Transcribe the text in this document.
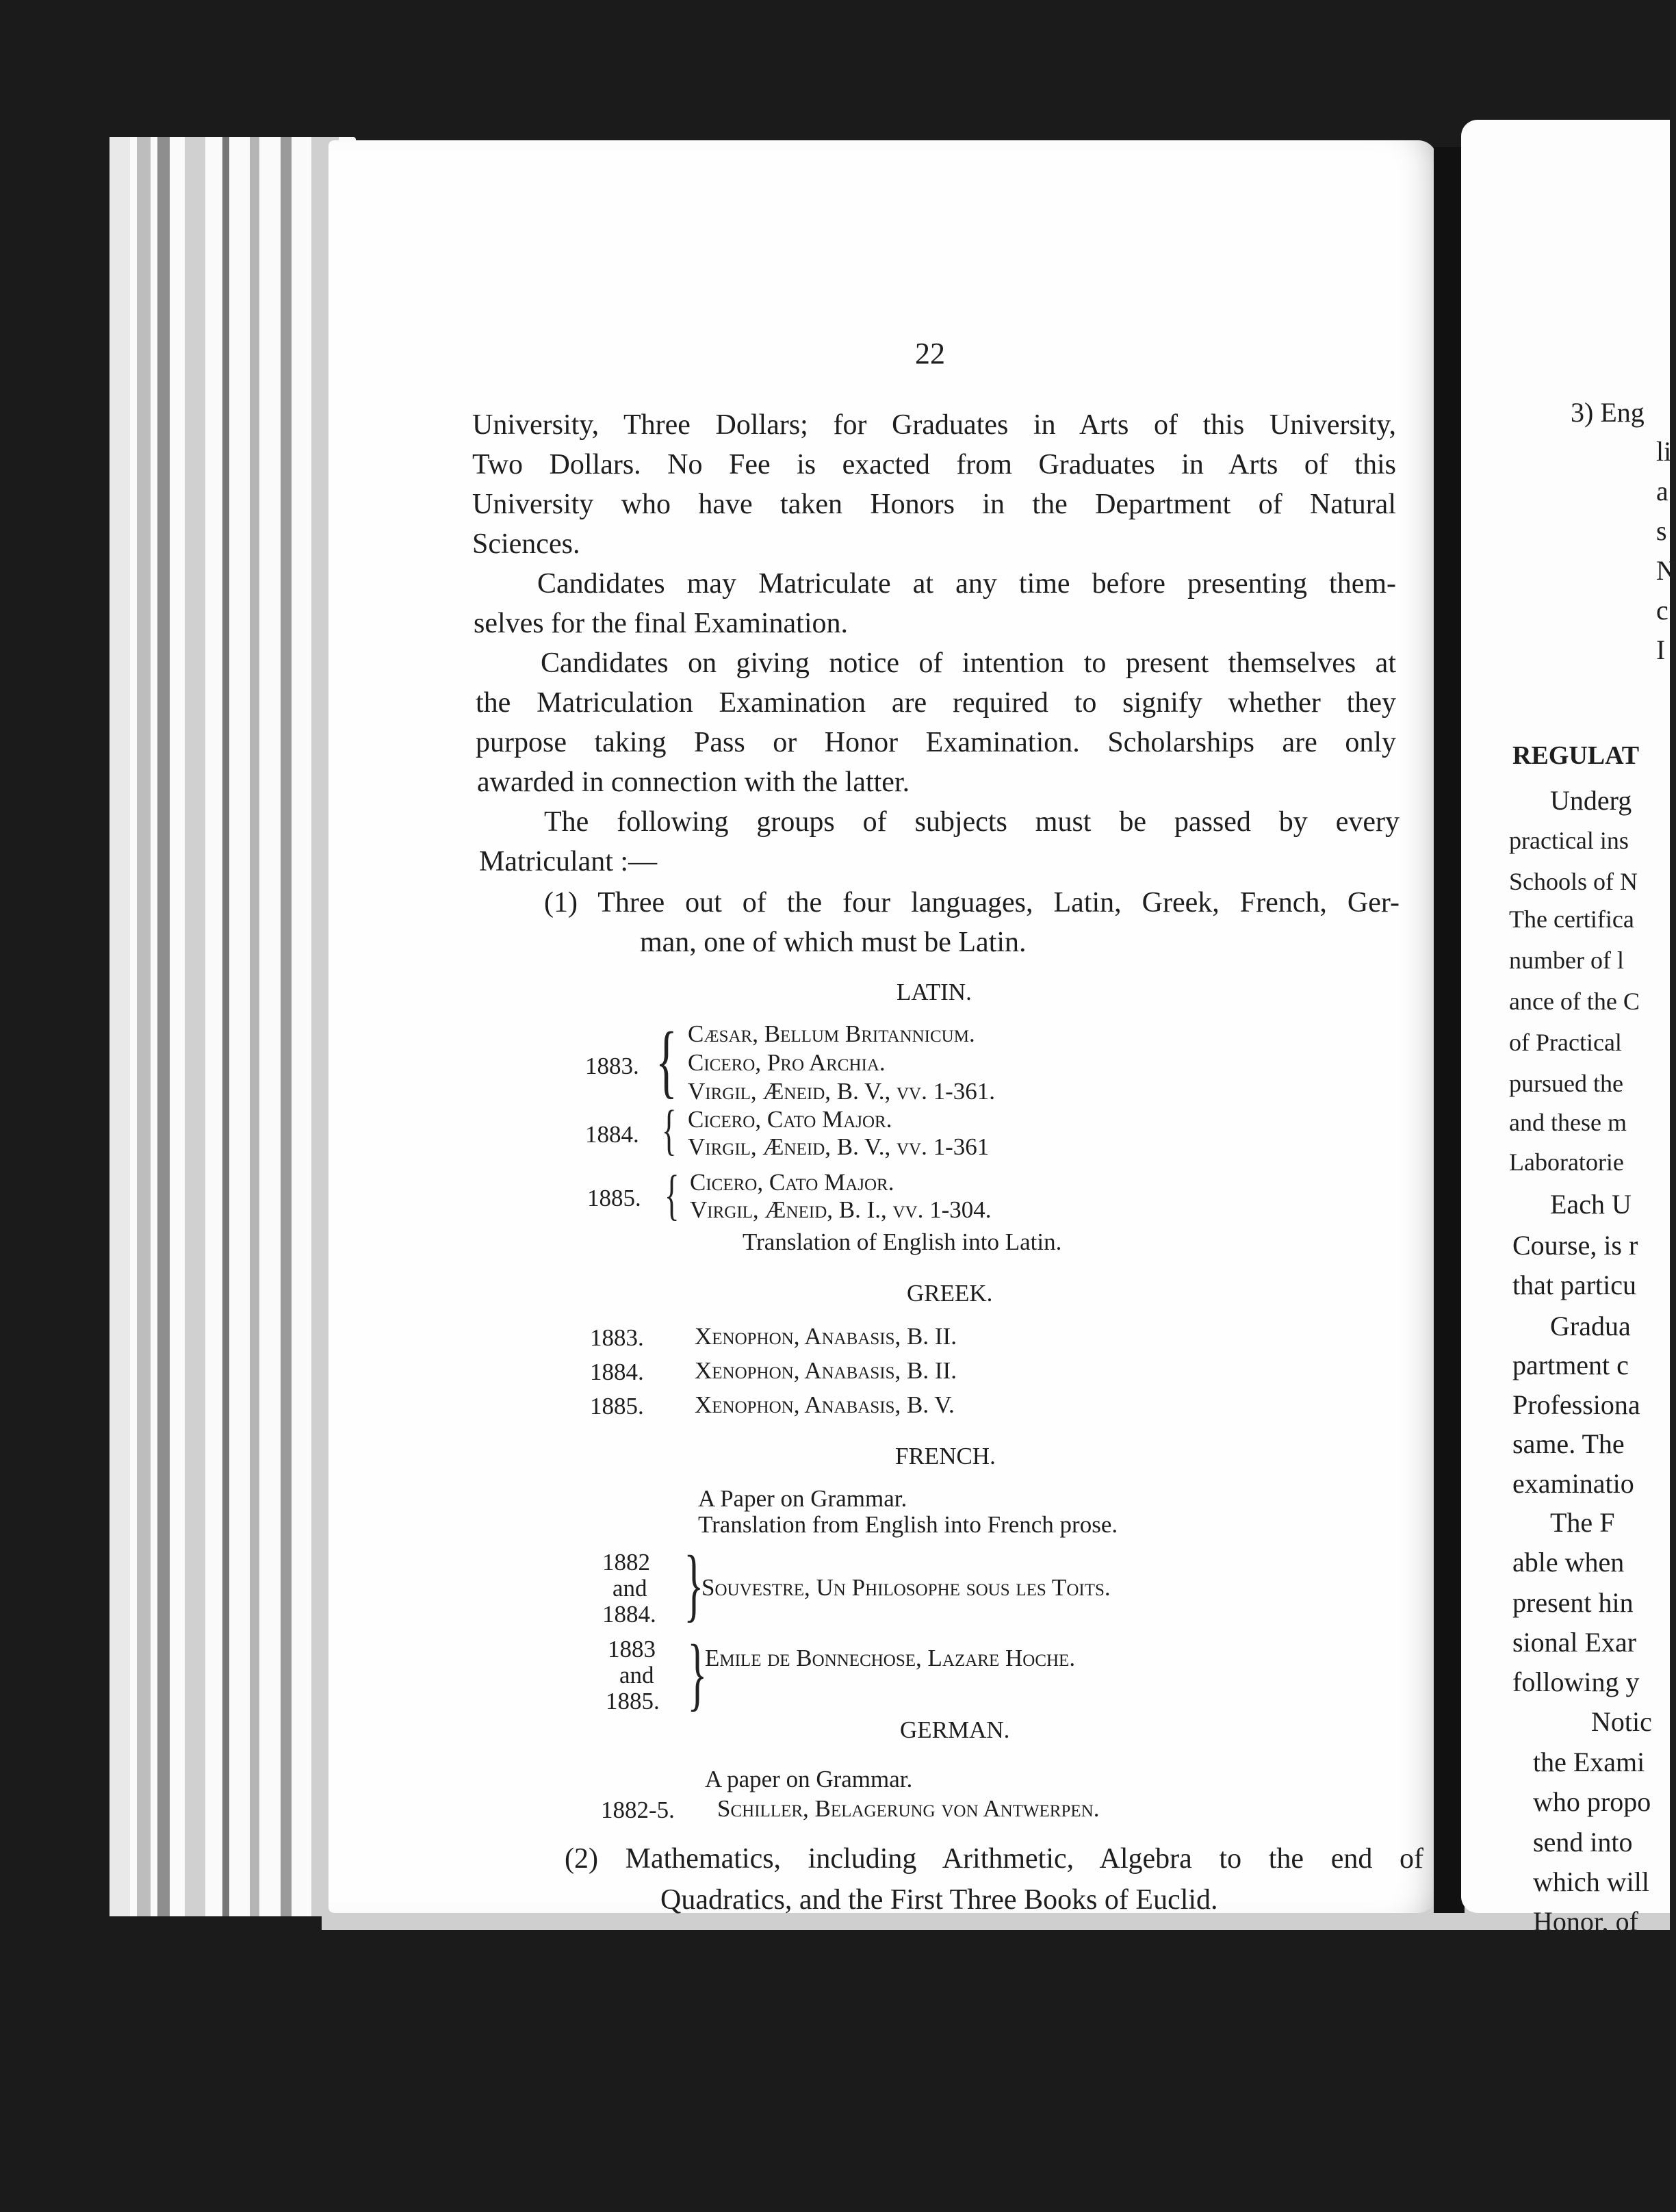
22
University, Three Dollars; for Graduates in Arts of this University,
Two Dollars. No Fee is exacted from Graduates in Arts of this
University who have taken Honors in the Department of Natural
Sciences.
Candidates may Matriculate at any time before presenting them-
selves for the final Examination.
Candidates on giving notice of intention to present themselves at
the Matriculation Examination are required to signify whether they
purpose taking Pass or Honor Examination. Scholarships are only
awarded in connection with the latter.
The following groups of subjects must be passed by every
Matriculant :—
(1) Three out of the four languages, Latin, Greek, French, Ger-
man, one of which must be Latin.
LATIN.
1883. { Cæsar, Bellum Britannicum.
Cicero, Pro Archia.
Virgil, Æneid, B. V., vv. 1-361.
1884. { Cicero, Cato Major.
Virgil, Æneid, B. V., vv. 1-361
1885. { Cicero, Cato Major.
Virgil, Æneid, B. I., vv. 1-304.
Translation of English into Latin.
GREEK.
1883. Xenophon, Anabasis, B. II.
1884. Xenophon, Anabasis, B. II.
1885. Xenophon, Anabasis, B. V.
FRENCH.
A Paper on Grammar.
Translation from English into French prose.
1882
and
1884. }
Souvestre, Un Philosophe sous les Toits.
1883
and
1885. }
Emile de Bonnechose, Lazare Hoche.
GERMAN.
A paper on Grammar.
1882-5. Schiller, Belagerung von Antwerpen.
(2) Mathematics, including Arithmetic, Algebra to the end of
Quadratics, and the First Three Books of Euclid.
3) Eng
li
a
s
N
c
I
REGULAT
Underg
practical ins
Schools of N
The certifica
number of l
ance of the C
of Practical
pursued the
and these m
Laboratorie
Each U
Course, is r
that particu
Gradua
partment c
Professiona
same. The
examinatio
The F
able when
present hin
sional Exar
following y
Notic
the Exami
who propo
send into
which will
Honor, of
